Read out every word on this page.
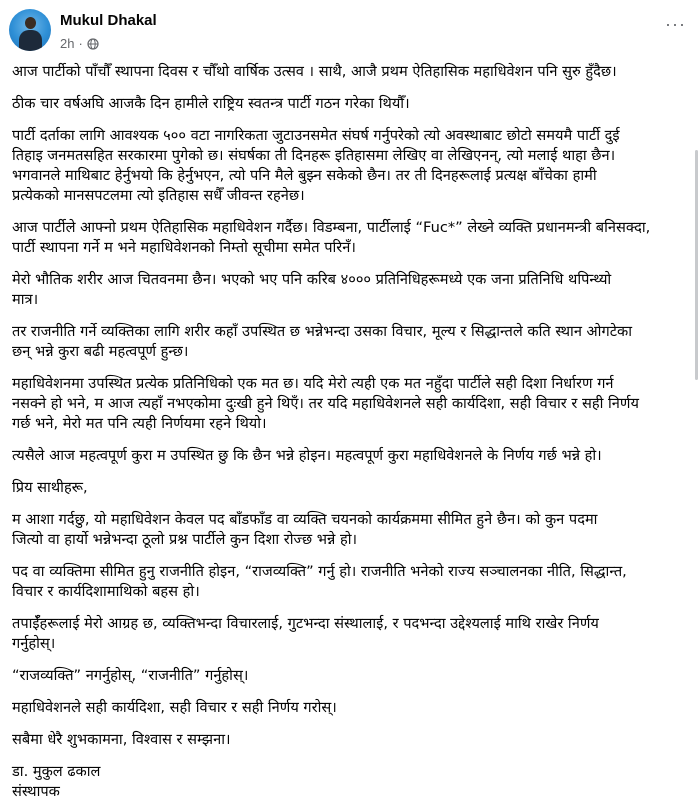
Mukul Dhakal
2h ·
···

आज पार्टीको पाँचौँ स्थापना दिवस र चौँथो वार्षिक उत्सव । साथै, आजै प्रथम ऐतिहासिक महाधिवेशन पनि सुरु हुँदैछ।

ठीक चार वर्षअघि आजकै दिन हामीले राष्ट्रिय स्वतन्त्र पार्टी गठन गरेका थियौँ।

पार्टी दर्ताका लागि आवश्यक ५०० वटा नागरिकता जुटाउनसमेत संघर्ष गर्नुपरेको त्यो अवस्थाबाट छोटो समयमै पार्टी दुई
तिहाइ जनमतसहित सरकारमा पुगेको छ। संघर्षका ती दिनहरू इतिहासमा लेखिए वा लेखिएनन्, त्यो मलाई थाहा छैन।
भगवानले माथिबाट हेर्नुभयो कि हेर्नुभएन, त्यो पनि मैले बुझ्न सकेको छैन। तर ती दिनहरूलाई प्रत्यक्ष बाँचेका हामी
प्रत्येकको मानसपटलमा त्यो इतिहास सधैँ जीवन्त रहनेछ।

आज पार्टीले आफ्नो प्रथम ऐतिहासिक महाधिवेशन गर्दैछ। विडम्बना, पार्टीलाई “Fuc*” लेख्ने व्यक्ति प्रधानमन्त्री बनिसक्दा,
पार्टी स्थापना गर्ने म भने महाधिवेशनको निम्तो सूचीमा समेत परिनँ।

मेरो भौतिक शरीर आज चितवनमा छैन। भएको भए पनि करिब ४००० प्रतिनिधिहरूमध्ये एक जना प्रतिनिधि थपिन्थ्यो
मात्र।

तर राजनीति गर्ने व्यक्तिका लागि शरीर कहाँ उपस्थित छ भन्नेभन्दा उसका विचार, मूल्य र सिद्धान्तले कति स्थान ओगटेका
छन् भन्ने कुरा बढी महत्वपूर्ण हुन्छ।

महाधिवेशनमा उपस्थित प्रत्येक प्रतिनिधिको एक मत छ। यदि मेरो त्यही एक मत नहुँदा पार्टीले सही दिशा निर्धारण गर्न
नसक्ने हो भने, म आज त्यहाँ नभएकोमा दुःखी हुने थिएँ। तर यदि महाधिवेशनले सही कार्यदिशा, सही विचार र सही निर्णय
गर्छ भने, मेरो मत पनि त्यही निर्णयमा रहने थियो।

त्यसैले आज महत्वपूर्ण कुरा म उपस्थित छु कि छैन भन्ने होइन। महत्वपूर्ण कुरा महाधिवेशनले के निर्णय गर्छ भन्ने हो।

प्रिय साथीहरू,

म आशा गर्दछु, यो महाधिवेशन केवल पद बाँडफाँड वा व्यक्ति चयनको कार्यक्रममा सीमित हुने छैन। को कुन पदमा
जित्यो वा हार्यो भन्नेभन्दा ठूलो प्रश्न पार्टीले कुन दिशा रोज्छ भन्ने हो।

पद वा व्यक्तिमा सीमित हुनु राजनीति होइन, “राजव्यक्ति” गर्नु हो। राजनीति भनेको राज्य सञ्चालनका नीति, सिद्धान्त,
विचार र कार्यदिशामाथिको बहस हो।

तपाईँहरूलाई मेरो आग्रह छ, व्यक्तिभन्दा विचारलाई, गुटभन्दा संस्थालाई, र पदभन्दा उद्देश्यलाई माथि राखेर निर्णय
गर्नुहोस्।

“राजव्यक्ति” नगर्नुहोस्, “राजनीति” गर्नुहोस्।

महाधिवेशनले सही कार्यदिशा, सही विचार र सही निर्णय गरोस्।

सबैमा धेरै शुभकामना, विश्वास र सम्झना।

डा. मुकुल ढकाल

संस्थापक
